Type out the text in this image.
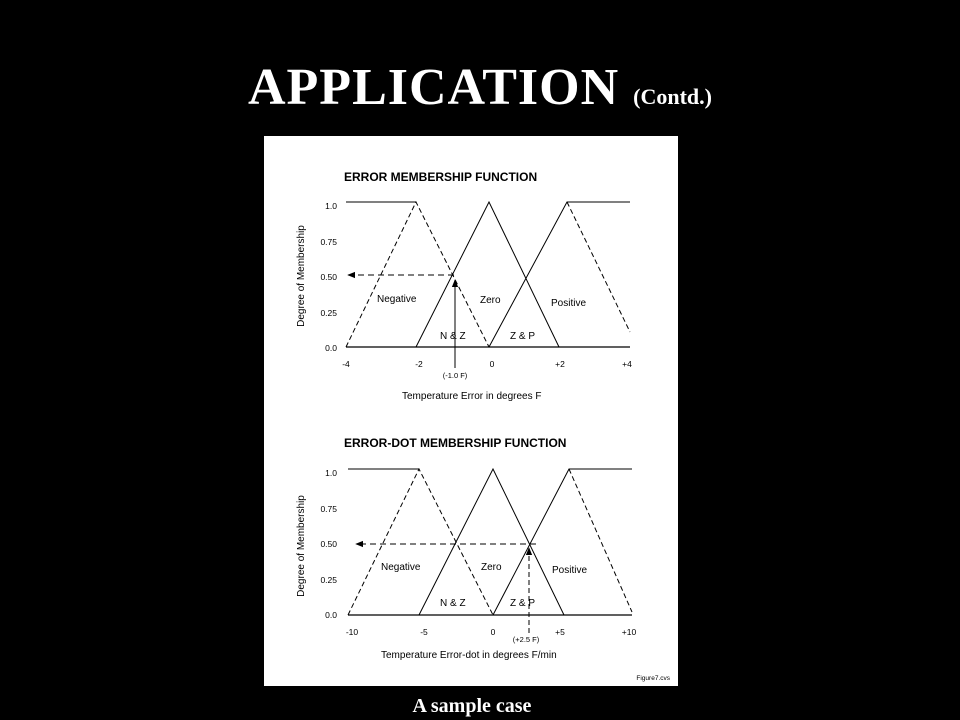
APPLICATION (Contd.)
ERROR MEMBERSHIP FUNCTION
Degree of Membership
1.0
0.75
0.50
0.25
0.0
Negative	Zero	Positive
N & Z	Z & P
-4	-2	0	+2	+4
(-1.0 F)
Temperature Error in degrees F
ERROR-DOT MEMBERSHIP FUNCTION
Degree of Membership
1.0
0.75
0.50
0.25
0.0
Negative	Zero	Positive
N & Z	Z & P
-10	-5	0	+5	+10
(+2.5 F)
Temperature Error-dot in degrees F/min
Figure7.cvs
A sample case
